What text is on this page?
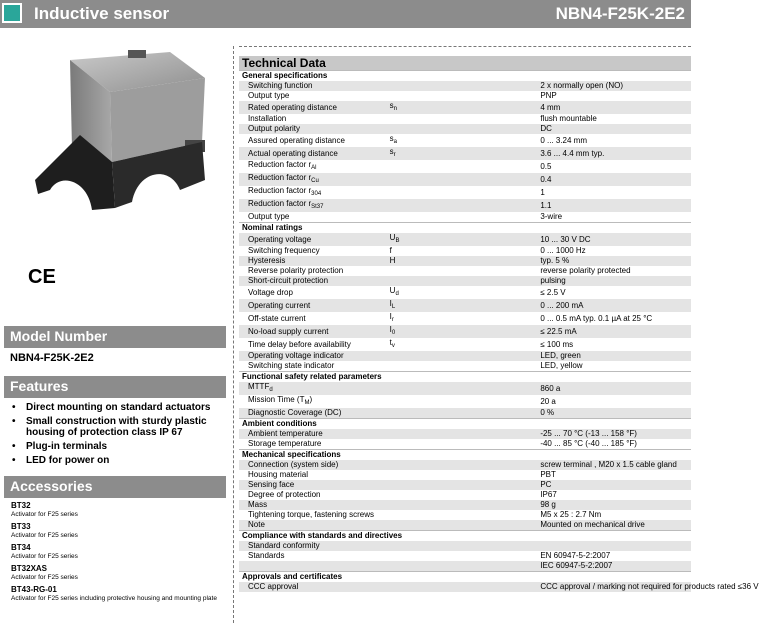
Inductive sensor	NBN4-F25K-2E2
CE
Model Number
NBN4-F25K-2E2
Features
• Direct mounting on standard actuators
• Small construction with sturdy plastic housing of protection class IP 67
• Plug-in terminals
• LED for power on
Accessories
BT32
Activator for F25 series
BT33
Activator for F25 series
BT34
Activator for F25 series
BT32XAS
Activator for F25 series
BT43-RG-01
Activator for F25 series including protective housing and mounting plate
Technical Data
General specifications		
Switching function		2 x normally open (NO)
Output type		PNP
Rated operating distance	$s_n$	4 mm
Installation		flush mountable
Output polarity		DC
Assured operating distance	$s_a$	0 ... 3.24 mm
Actual operating distance	$s_r$	3.6 ... 4.4 mm typ.
Reduction factor $r_{Al}$		0.5
Reduction factor $r_{Cu}$		0.4
Reduction factor $r_{304}$		1
Reduction factor $r_{St37}$		1.1
Output type		3-wire
Nominal ratings		
Operating voltage	$U_B$	10 ... 30 V DC
Switching frequency	f	0 ... 1000 Hz
Hysteresis	H	typ. 5 %
Reverse polarity protection		reverse polarity protected
Short-circuit protection		pulsing
Voltage drop	$U_d$	≤ 2.5 V
Operating current	$I_L$	0 ... 200 mA
Off-state current	$I_r$	0 ... 0.5 mA typ. 0.1 µA at 25 °C
No-load supply current	$I_0$	≤ 22.5 mA
Time delay before availability	$t_v$	≤ 100 ms
Operating voltage indicator		LED, green
Switching state indicator		LED, yellow
Functional safety related parameters		
$MTTF_d$		860 a
Mission Time $(T_M)$		20 a
Diagnostic Coverage (DC)		0 %
Ambient conditions		
Ambient temperature		-25 ... 70 °C (-13 ... 158 °F)
Storage temperature		-40 ... 85 °C (-40 ... 185 °F)
Mechanical specifications		
Connection (system side)		screw terminal , M20 x 1.5 cable gland
Housing material		PBT
Sensing face		PC
Degree of protection		IP67
Mass		98 g
Tightening torque, fastening screws		M5 x 25 : 2.7 Nm
Note		Mounted on mechanical drive
Compliance with standards and directives		
Standard conformity		
Standards		EN 60947-5-2:2007
		IEC 60947-5-2:2007
Approvals and certificates		
CCC approval		CCC approval / marking not required for products rated ≤36 V
